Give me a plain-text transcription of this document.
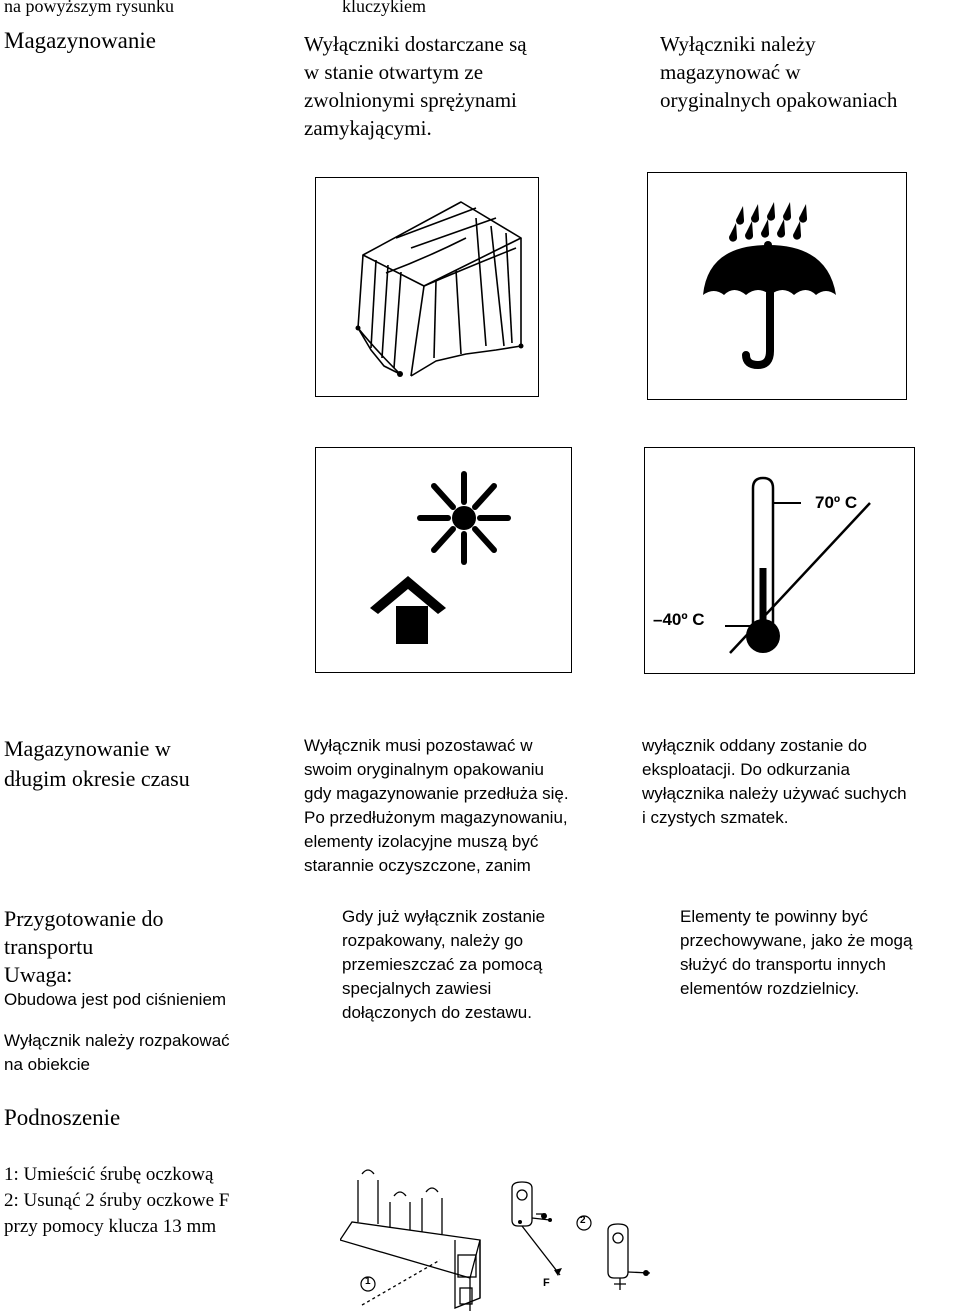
na powyższym rysunku	kluczykiem

Magazynowanie	Wyłączniki dostarczane są
w stanie otwartym ze
zwolnionymi sprężynami
zamykającymi.

Wyłączniki należy
magazynować w
oryginalnych opakowaniach

70º C
–40º C

Magazynowanie w
długim okresie czasu

Wyłącznik musi pozostawać w
swoim oryginalnym opakowaniu
gdy magazynowanie przedłuża się.
Po przedłużonym magazynowaniu,
elementy izolacyjne muszą być
starannie oczyszczone, zanim

wyłącznik oddany zostanie do
eksploatacji. Do odkurzania
wyłącznika należy używać suchych
i czystych szmatek.

Przygotowanie do
transportu

Uwaga:

Obudowa jest pod ciśnieniem

Wyłącznik należy rozpakować
na obiekcie

Gdy już wyłącznik zostanie
rozpakowany, należy go
przemieszczać za pomocą
specjalnych zawiesi
dołączonych do zestawu.

Elementy te powinny być
przechowywane, jako że mogą
służyć do transportu innych
elementów rozdzielnicy.

Podnoszenie

1: Umieścić śrubę oczkową
2: Usunąć 2 śruby oczkowe F
przy pomocy klucza 13 mm	2
1	F
